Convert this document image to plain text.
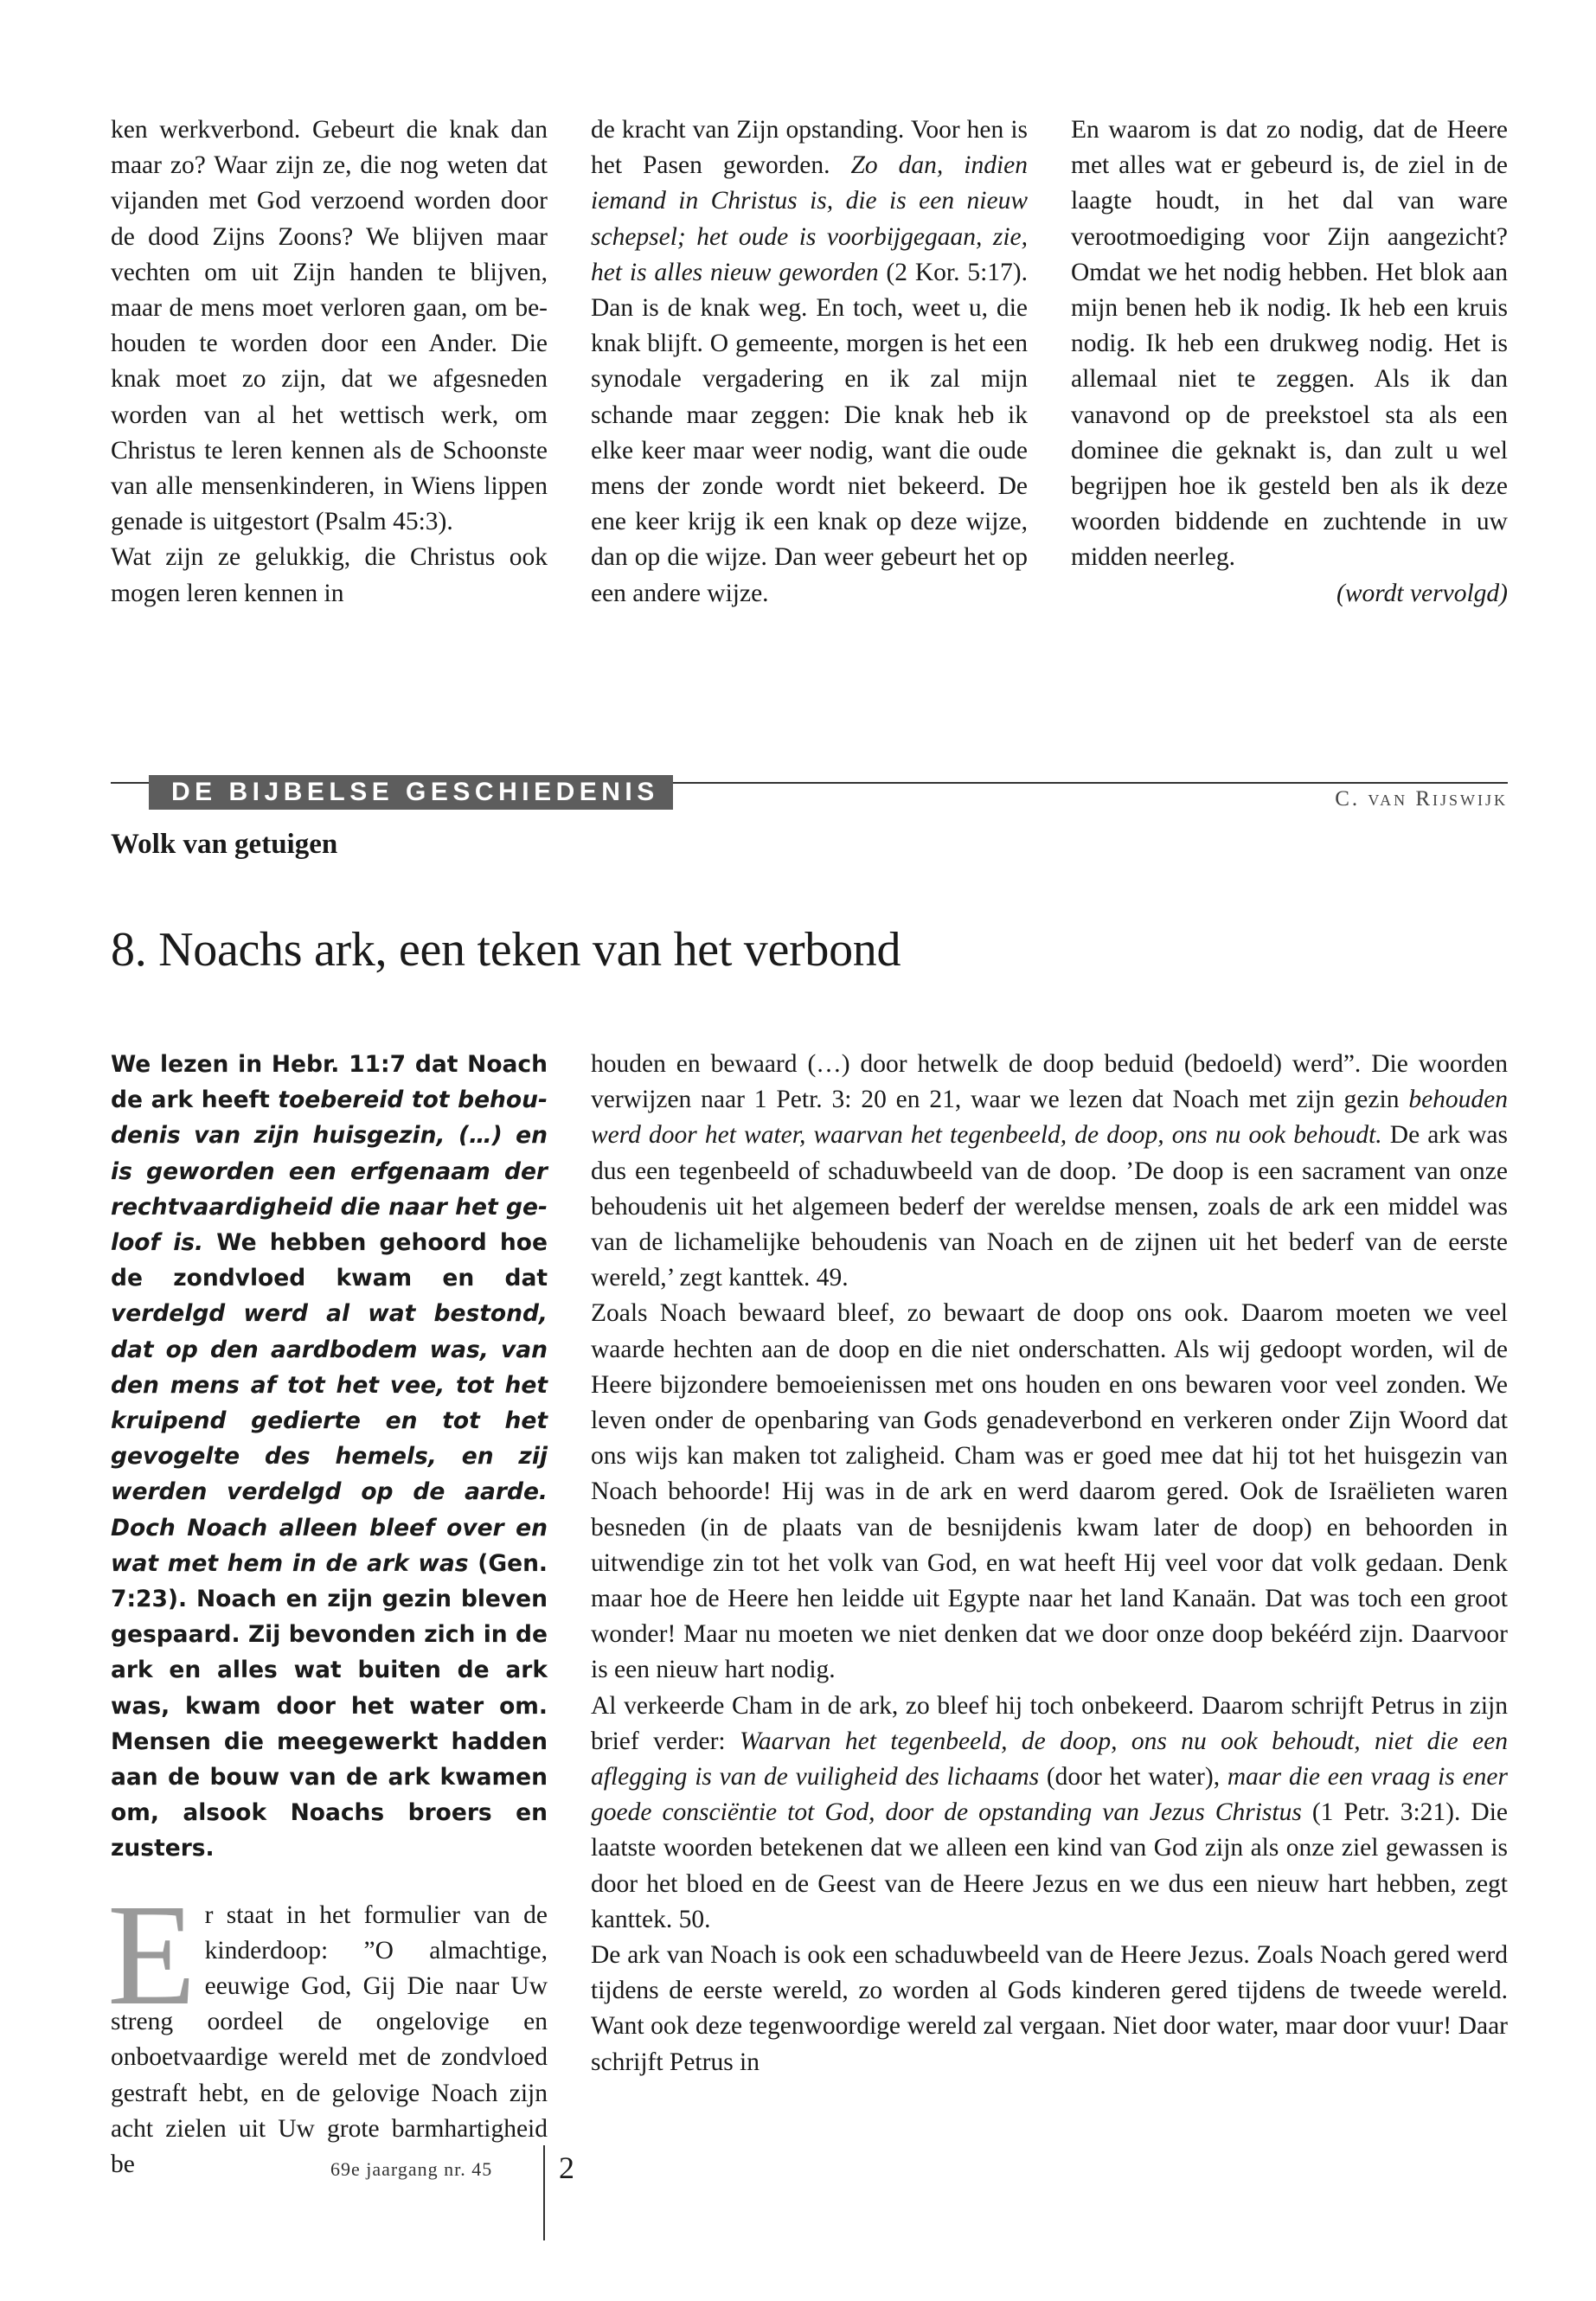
ken werkverbond. Gebeurt die knak dan maar zo? Waar zijn ze, die nog weten dat vijanden met God verzoend worden door de dood Zijns Zoons? We blijven maar vechten om uit Zijn handen te blijven, maar de mens moet verloren gaan, om behouden te worden door een Ander. Die knak moet zo zijn, dat we afgesneden worden van al het wettisch werk, om Christus te leren kennen als de Schoonste van alle mensenkinderen, in Wiens lippen genade is uitgestort (Psalm 45:3).

Wat zijn ze gelukkig, die Christus ook mogen leren kennen in

de kracht van Zijn opstanding. Voor hen is het Pasen geworden. Zo dan, indien iemand in Christus is, die is een nieuw schepsel; het oude is voorbijgegaan, zie, het is alles nieuw geworden (2 Kor. 5:17). Dan is de knak weg. En toch, weet u, die knak blijft. O gemeente, morgen is het een synodale vergadering en ik zal mijn schande maar zeggen: Die knak heb ik elke keer maar weer nodig, want die oude mens der zonde wordt niet bekeerd. De ene keer krijg ik een knak op deze wijze, dan op die wijze. Dan weer gebeurt het op een andere wijze.

En waarom is dat zo nodig, dat de Heere met alles wat er gebeurd is, de ziel in de laagte houdt, in het dal van ware verootmoediging voor Zijn aangezicht? Omdat we het nodig hebben. Het blok aan mijn benen heb ik nodig. Ik heb een kruis nodig. Ik heb een drukweg nodig. Het is allemaal niet te zeggen. Als ik dan vanavond op de preekstoel sta als een dominee die geknakt is, dan zult u wel begrijpen hoe ik gesteld ben als ik deze woorden biddende en zuchtende in uw midden neerleg.

(wordt vervolgd)

DE BIJBELSE GESCHIEDENIS	C. van Rijswijk
Wolk van getuigen
8. Noachs ark, een teken van het verbond

We lezen in Hebr. 11:7 dat Noach de ark heeft toebereid tot behoudenis van zijn huisgezin, (…) en is geworden een erfgenaam der rechtvaardigheid die naar het geloof is. We hebben gehoord hoe de zondvloed kwam en dat verdelgd werd al wat bestond, dat op den aardbodem was, van den mens af tot het vee, tot het kruipend gedierte en tot het gevogelte des hemels, en zij werden verdelgd op de aarde. Doch Noach alleen bleef over en wat met hem in de ark was (Gen. 7:23). Noach en zijn gezin bleven gespaard. Zij bevonden zich in de ark en alles wat buiten de ark was, kwam door het water om. Mensen die meegewerkt hadden aan de bouw van de ark kwamen om, alsook Noachs broers en zusters.

Er staat in het formulier van de kinderdoop: ”O almachtige, eeuwige God, Gij Die naar Uw streng oordeel de ongelovige en onboetvaardige wereld met de zondvloed gestraft hebt, en de gelovige Noach zijn acht zielen uit Uw grote barmhartigheid be

houden en bewaard (…) door hetwelk de doop beduid (bedoeld) werd”. Die woorden verwijzen naar 1 Petr. 3: 20 en 21, waar we lezen dat Noach met zijn gezin behouden werd door het water, waarvan het tegenbeeld, de doop, ons nu ook behoudt. De ark was dus een tegenbeeld of schaduwbeeld van de doop. ’De doop is een sacrament van onze behoudenis uit het algemeen bederf der wereldse mensen, zoals de ark een middel was van de lichamelijke behoudenis van Noach en de zijnen uit het bederf van de eerste wereld,’ zegt kanttek. 49.

Zoals Noach bewaard bleef, zo bewaart de doop ons ook. Daarom moeten we veel waarde hechten aan de doop en die niet onderschatten. Als wij gedoopt worden, wil de Heere bijzondere bemoeienissen met ons houden en ons bewaren voor veel zonden. We leven onder de openbaring van Gods genadeverbond en verkeren onder Zijn Woord dat ons wijs kan maken tot zaligheid. Cham was er goed mee dat hij tot het huisgezin van Noach behoorde! Hij was in de ark en werd daarom gered. Ook de Israëlieten waren besneden (in de plaats van de besnijdenis kwam later de doop) en behoorden in uitwendige zin tot het volk van God, en wat heeft Hij veel voor dat volk gedaan. Denk maar hoe de Heere hen leidde uit Egypte naar het land Kanaän. Dat was toch een groot wonder! Maar nu moeten we niet denken dat we door onze doop bekéérd zijn. Daarvoor is een nieuw hart nodig.

Al verkeerde Cham in de ark, zo bleef hij toch onbekeerd. Daarom schrijft Petrus in zijn brief verder: Waarvan het tegenbeeld, de doop, ons nu ook behoudt, niet die een aflegging is van de vuiligheid des lichaams (door het water), maar die een vraag is ener goede consciëntie tot God, door de opstanding van Jezus Christus (1 Petr. 3:21). Die laatste woorden betekenen dat we alleen een kind van God zijn als onze ziel gewassen is door het bloed en de Geest van de Heere Jezus en we dus een nieuw hart hebben, zegt kanttek. 50.

De ark van Noach is ook een schaduwbeeld van de Heere Jezus. Zoals Noach gered werd tijdens de eerste wereld, zo worden al Gods kinderen gered tijdens de tweede wereld. Want ook deze tegenwoordige wereld zal vergaan. Niet door water, maar door vuur! Daar schrijft Petrus in

69e jaargang nr. 45 2
